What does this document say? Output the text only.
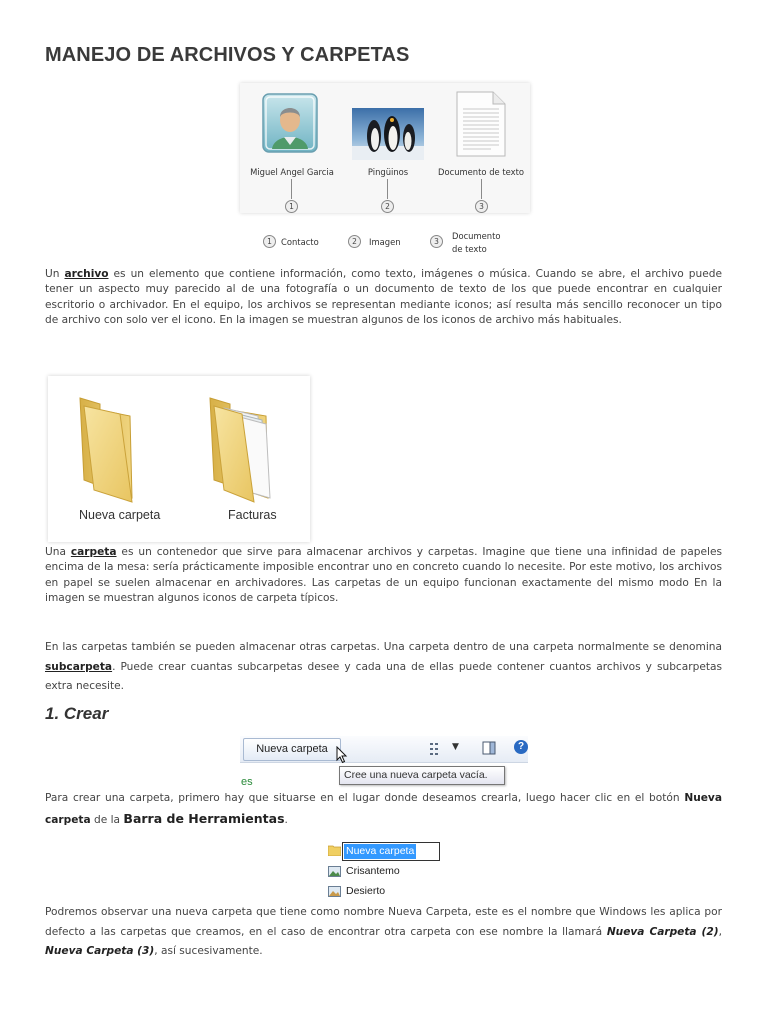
MANEJO DE ARCHIVOS Y CARPETAS
Miguel Angel Garcia	Pingüinos	Documento de texto
1	2	3
1	Contacto	2	Imagen	3
Documento
de texto

Un archivo es un elemento que contiene información, como texto, imágenes o música. Cuando se abre, el archivo puede tener un aspecto muy parecido al de una fotografía o un documento de texto de los que puede encontrar en cualquier escritorio o archivador. En el equipo, los archivos se representan mediante iconos; así resulta más sencillo reconocer un tipo de archivo con solo ver el icono. En la imagen se muestran algunos de los iconos de archivo más habituales.

Nueva carpeta	Facturas

Una carpeta es un contenedor que sirve para almacenar archivos y carpetas. Imagine que tiene una infinidad de papeles encima de la mesa: sería prácticamente imposible encontrar uno en concreto cuando lo necesite. Por este motivo, los archivos en papel se suelen almacenar en archivadores. Las carpetas de un equipo funcionan exactamente del mismo modo En la imagen se muestran algunos iconos de carpeta típicos.

En las carpetas también se pueden almacenar otras carpetas. Una carpeta dentro de una carpeta normalmente se denomina subcarpeta. Puede crear cuantas subcarpetas desee y cada una de ellas puede contener cuantos archivos y subcarpetas extra necesite.

1. Crear
Nueva carpeta	▼	?
es
Cree una nueva carpeta vacía.

Para crear una carpeta, primero hay que situarse en el lugar donde deseamos crearla, luego hacer clic en el botón Nueva carpeta de la Barra de Herramientas.

Nueva carpeta
Crisantemo
Desierto

Podremos observar una nueva carpeta que tiene como nombre Nueva Carpeta, este es el nombre que Windows les aplica por defecto a las carpetas que creamos, en el caso de encontrar otra carpeta con ese nombre la llamará Nueva Carpeta (2), Nueva Carpeta (3), así sucesivamente.
